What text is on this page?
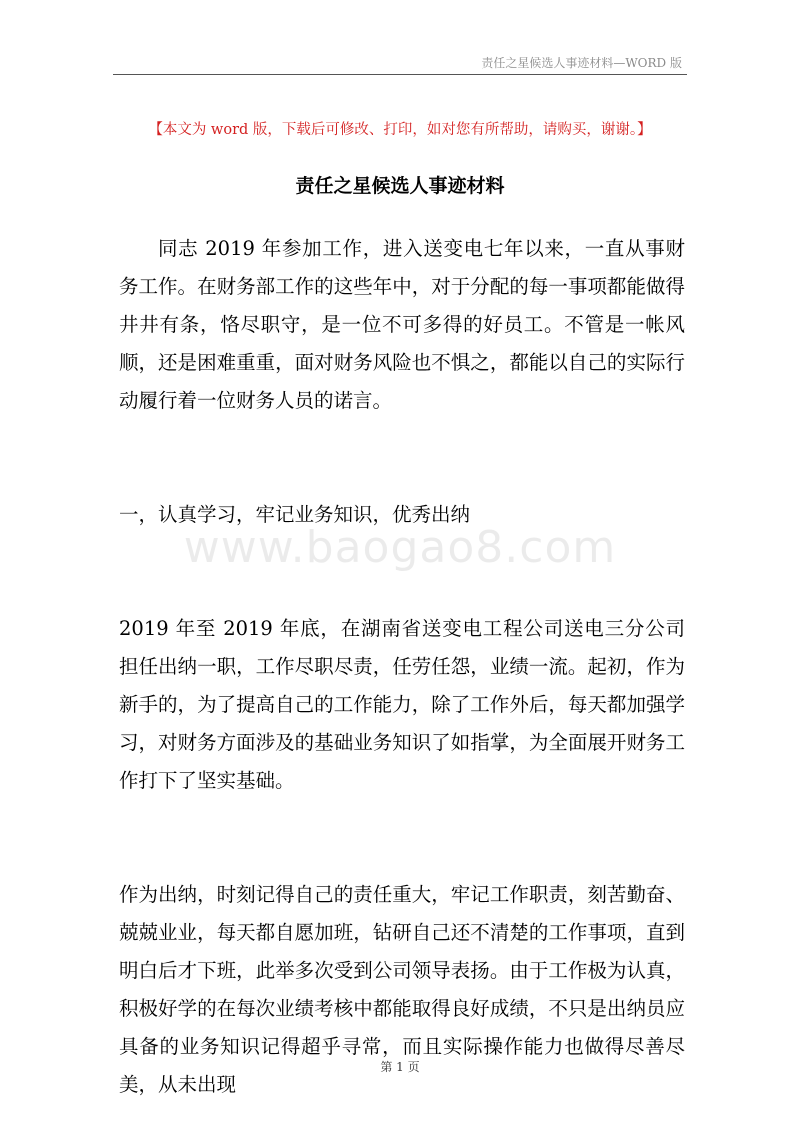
责任之星候选人事迹材料—WORD 版
【本文为 word 版，下载后可修改、打印，如对您有所帮助，请购买，谢谢。】
责任之星候选人事迹材料

同志 2019 年参加工作，进入送变电七年以来，一直从事财务工作。在财务部工作的这些年中，对于分配的每一事项都能做得井井有条，恪尽职守，是一位不可多得的好员工。不管是一帐风顺，还是困难重重，面对财务风险也不惧之，都能以自己的实际行动履行着一位财务人员的诺言。

一，认真学习，牢记业务知识，优秀出纳

2019 年至 2019 年底，在湖南省送变电工程公司送电三分公司担任出纳一职，工作尽职尽责，任劳任怨，业绩一流。起初，作为新手的，为了提高自己的工作能力，除了工作外后，每天都加强学习，对财务方面涉及的基础业务知识了如指掌，为全面展开财务工作打下了坚实基础。

作为出纳，时刻记得自己的责任重大，牢记工作职责，刻苦勤奋、兢兢业业，每天都自愿加班，钻研自己还不清楚的工作事项，直到明白后才下班，此举多次受到公司领导表扬。由于工作极为认真，积极好学的在每次业绩考核中都能取得良好成绩，不只是出纳员应具备的业务知识记得超乎寻常，而且实际操作能力也做得尽善尽美，从未出现

www.baogao8.com
第 1 页
